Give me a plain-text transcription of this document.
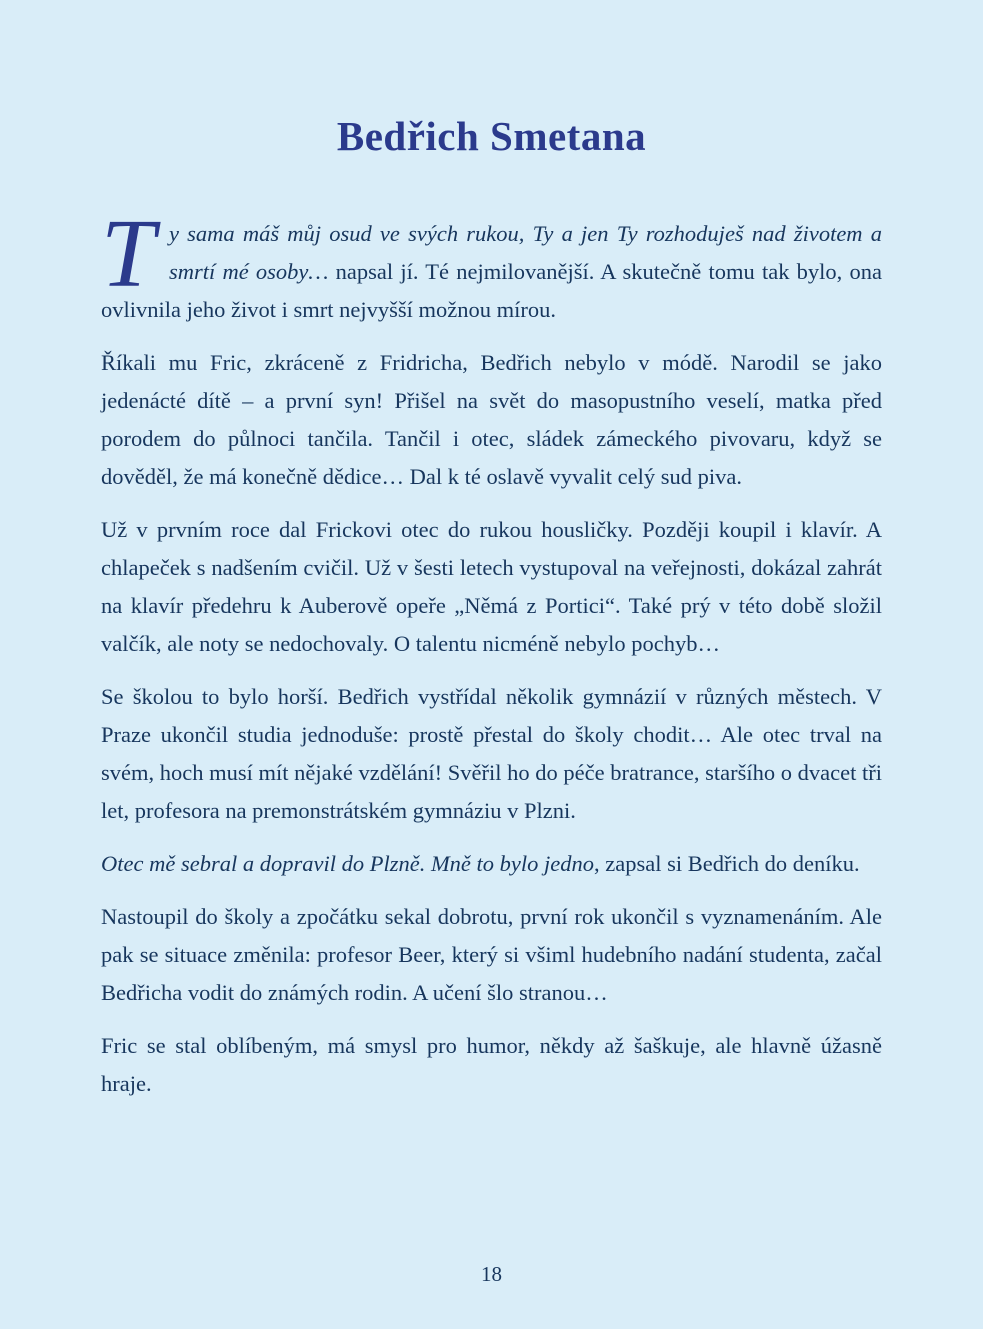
Bedřich Smetana

Ty sama máš můj osud ve svých rukou, Ty a jen Ty rozhoduješ nad životem a smrtí mé osoby… napsal jí. Té nejmilovanější. A skutečně tomu tak bylo, ona ovlivnila jeho život i smrt nejvyšší možnou mírou.

Říkali mu Fric, zkráceně z Fridricha, Bedřich nebylo v módě. Narodil se jako jedenácté dítě – a první syn! Přišel na svět do masopustního veselí, matka před porodem do půlnoci tančila. Tančil i otec, sládek zámeckého pivovaru, když se dověděl, že má konečně dědice… Dal k té oslavě vyvalit celý sud piva.

Už v prvním roce dal Frickovi otec do rukou housličky. Později koupil i klavír. A chlapeček s nadšením cvičil. Už v šesti letech vystupoval na veřejnosti, dokázal zahrát na klavír předehru k Auberově opeře „Němá z Portici“. Také prý v této době složil valčík, ale noty se nedochovaly. O talentu nicméně nebylo pochyb…

Se školou to bylo horší. Bedřich vystřídal několik gymnázií v různých městech. V Praze ukončil studia jednoduše: prostě přestal do školy chodit… Ale otec trval na svém, hoch musí mít nějaké vzdělání! Svěřil ho do péče bratrance, staršího o dvacet tři let, profesora na premonstrátském gymnáziu v Plzni.

Otec mě sebral a dopravil do Plzně. Mně to bylo jedno, zapsal si Bedřich do deníku.

Nastoupil do školy a zpočátku sekal dobrotu, první rok ukončil s vyznamenáním. Ale pak se situace změnila: profesor Beer, který si všiml hudebního nadání studenta, začal Bedřicha vodit do známých rodin. A učení šlo stranou…

Fric se stal oblíbeným, má smysl pro humor, někdy až šaškuje, ale hlavně úžasně hraje.

18
